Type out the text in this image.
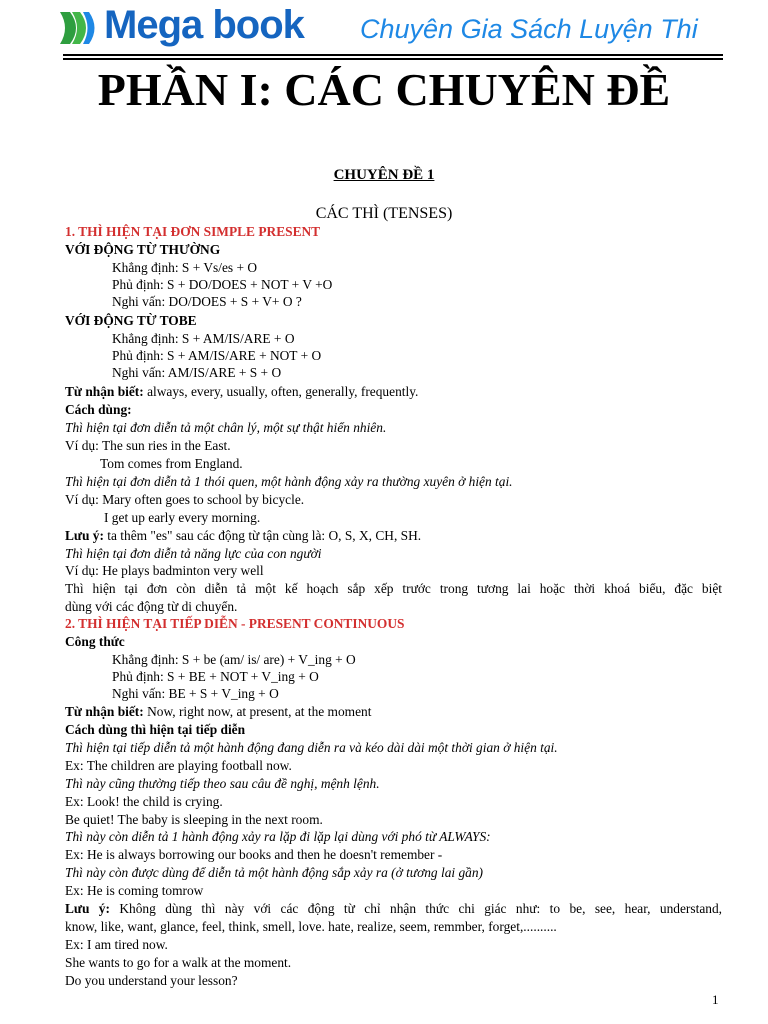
Mega book Chuyên Gia Sách Luyện Thi
PHẦN I: CÁC CHUYÊN ĐỀ
CHUYÊN ĐỀ 1
CÁC THÌ (TENSES)
1. THÌ HIỆN TẠI ĐƠN SIMPLE PRESENT
VỚI ĐỘNG TỪ THƯỜNG
Khẳng định: S + Vs/es + O
Phủ định: S + DO/DOES + NOT + V +O
Nghi vấn: DO/DOES + S + V+ O ?
VỚI ĐỘNG TỪ TOBE
Khẳng định: S + AM/IS/ARE + O
Phủ định: S + AM/IS/ARE + NOT + O
Nghi vấn: AM/IS/ARE + S + O
Từ nhận biết: always, every, usually, often, generally, frequently.
Cách dùng:
Thì hiện tại đơn diễn tả một chân lý, một sự thật hiển nhiên.
Ví dụ: The sun ries in the East.
Tom comes from England.
Thì hiện tại đơn diễn tả 1 thói quen, một hành động xảy ra thường xuyên ở hiện tại.
Ví dụ: Mary often goes to school by bicycle.
I get up early every morning.
Lưu ý: ta thêm "es" sau các động từ tận cùng là: O, S, X, CH, SH.
Thì hiện tại đơn diễn tả năng lực của con người
Ví dụ: He plays badminton very well
Thì hiện tại đơn còn diễn tả một kế hoạch sắp xếp trước trong tương lai hoặc thời khoá biểu, đặc biệt
dùng với các động từ di chuyển.
2. THÌ HIỆN TẠI TIẾP DIỄN - PRESENT CONTINUOUS
Công thức
Khẳng định: S + be (am/ is/ are) + V_ing + O
Phủ định: S + BE + NOT + V_ing + O
Nghi vấn: BE + S + V_ing + O
Từ nhận biết: Now, right now, at present, at the moment
Cách dùng thì hiện tại tiếp diễn
Thì hiện tại tiếp diễn tả một hành động đang diễn ra và kéo dài dài một thời gian ở hiện tại.
Ex: The children are playing football now.
Thì này cũng thường tiếp theo sau câu đề nghị, mệnh lệnh.
Ex: Look! the child is crying.
Be quiet! The baby is sleeping in the next room.
Thì này còn diễn tả 1 hành động xảy ra lặp đi lặp lại dùng với phó từ ALWAYS:
Ex: He is always borrowing our books and then he doesn't remember -
Thì này còn được dùng để diễn tả một hành động sắp xảy ra (ở tương lai gần)
Ex: He is coming tomrow
Lưu ý: Không dùng thì này với các động từ chỉ nhận thức chi giác như: to be, see, hear, understand,
know, like, want, glance, feel, think, smell, love. hate, realize, seem, remmber, forget,..........
Ex: I am tired now.
She wants to go for a walk at the moment.
Do you understand your lesson?
1
